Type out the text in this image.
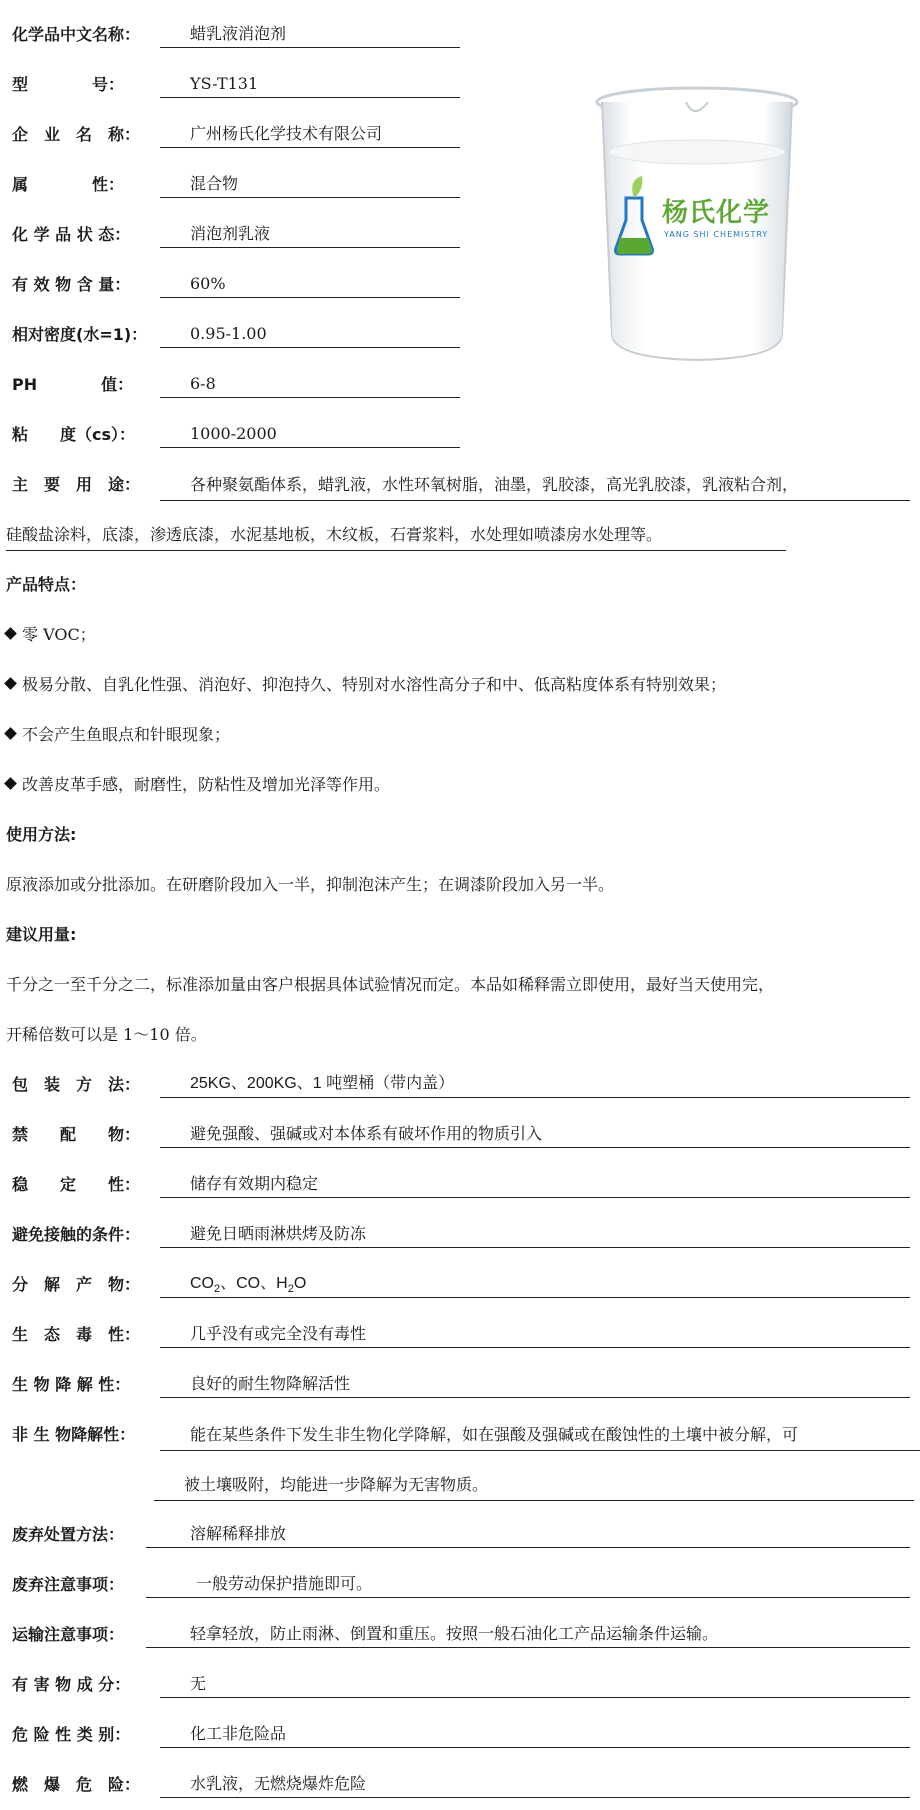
化学品中文名称：	蜡乳液消泡剂
型　　　　号：	YS-T131
企　业　名　称：	广州杨氏化学技术有限公司
属　　　　性：	混合物
化 学 品 状 态：	消泡剂乳液
有 效 物 含 量：	60%
相对密度(水=1)：	0.95-1.00
PH　　　　值：	6-8
粘　　度（cs）：	1000-2000
杨氏化学
YANG SHI CHEMISTRY
主　要　用　途：	各种聚氨酯体系，蜡乳液，水性环氧树脂，油墨，乳胶漆，高光乳胶漆，乳液粘合剂，
硅酸盐涂料，底漆，渗透底漆，水泥基地板，木纹板，石膏浆料，水处理如喷漆房水处理等。
产品特点：
零 VOC；
极易分散、自乳化性强、消泡好、抑泡持久、特别对水溶性高分子和中、低高粘度体系有特别效果；
不会产生鱼眼点和针眼现象；
改善皮革手感，耐磨性，防粘性及增加光泽等作用。
使用方法:
原液添加或分批添加。在研磨阶段加入一半，抑制泡沫产生；在调漆阶段加入另一半。
建议用量:
千分之一至千分之二，标准添加量由客户根据具体试验情况而定。本品如稀释需立即使用，最好当天使用完，
开稀倍数可以是 1～10 倍。
包　装　方　法：	25KG、200KG、1 吨塑桶（带内盖）
禁　　配　　物：	避免强酸、强碱或对本体系有破坏作用的物质引入
稳　　定　　性：	储存有效期内稳定
避免接触的条件：	避免日晒雨淋烘烤及防冻
分　解　产　物：	$CO_2$、CO、$H_2O$
生　态　毒　性：	几乎没有或完全没有毒性
生 物 降 解 性：	良好的耐生物降解活性
非 生 物降解性：	能在某些条件下发生非生物化学降解，如在强酸及强碱或在酸蚀性的土壤中被分解，可
被土壤吸附，均能进一步降解为无害物质。
废弃处置方法：	溶解稀释排放
废弃注意事项：	一般劳动保护措施即可。
运输注意事项：	轻拿轻放，防止雨淋、倒置和重压。按照一般石油化工产品运输条件运输。
有 害 物 成 分：	无
危 险 性 类 别：	化工非危险品
燃　爆　危　险：	水乳液，无燃烧爆炸危险
